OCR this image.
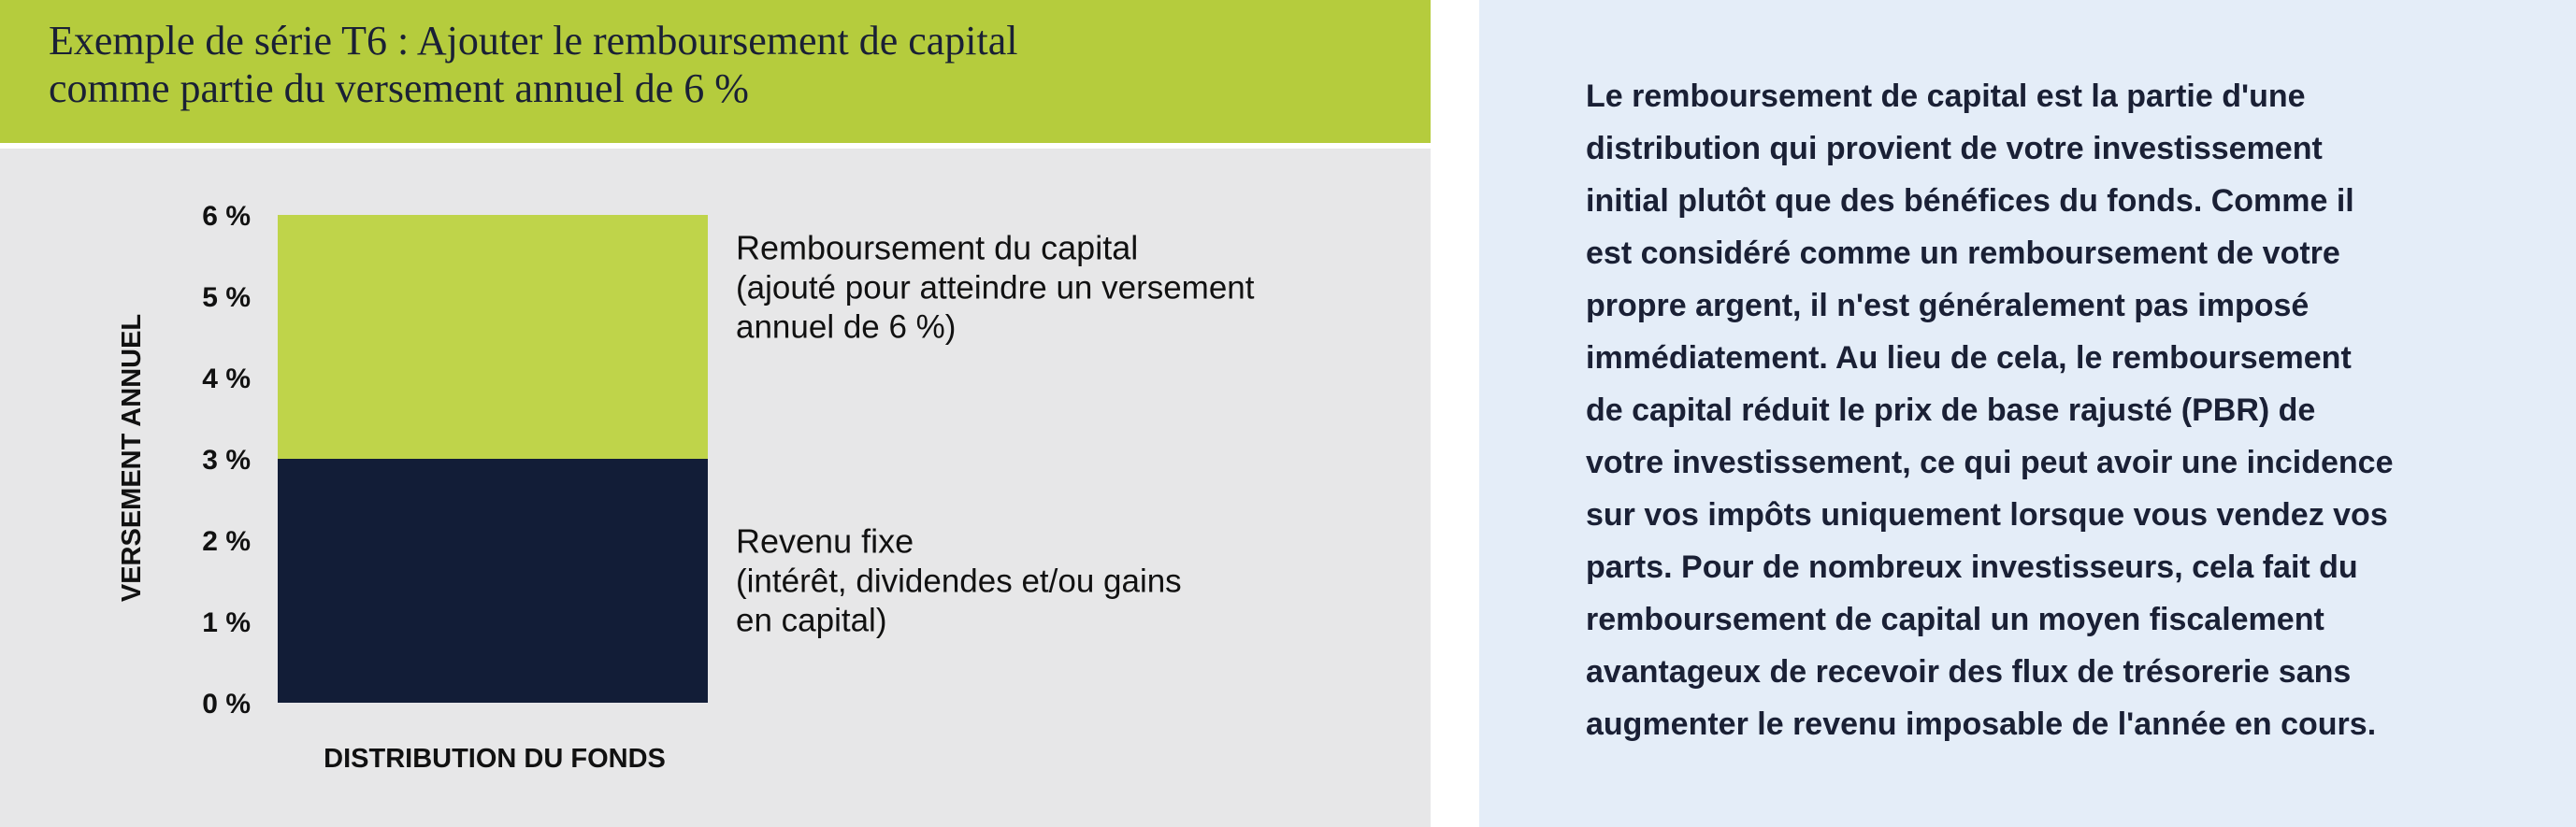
Exemple de série T6 : Ajouter le remboursement de capital
comme partie du versement annuel de 6 %
0 %
1 %
2 %
3 %
4 %
5 %
6 %
Revenu fixe
(intérêt, dividendes et/ou gains
en capital)
Remboursement du capital
(ajouté pour atteindre un versement
annuel de 6 %)
VERSEMENT ANNUEL
DISTRIBUTION DU FONDS
Le remboursement de capital est la partie d'une
distribution qui provient de votre investissement
initial plutôt que des bénéfices du fonds. Comme il
est considéré comme un remboursement de votre
propre argent, il n'est généralement pas imposé
immédiatement. Au lieu de cela, le remboursement
de capital réduit le prix de base rajusté (PBR) de
votre investissement, ce qui peut avoir une incidence
sur vos impôts uniquement lorsque vous vendez vos
parts. Pour de nombreux investisseurs, cela fait du
remboursement de capital un moyen fiscalement
avantageux de recevoir des flux de trésorerie sans
augmenter le revenu imposable de l'année en cours.
